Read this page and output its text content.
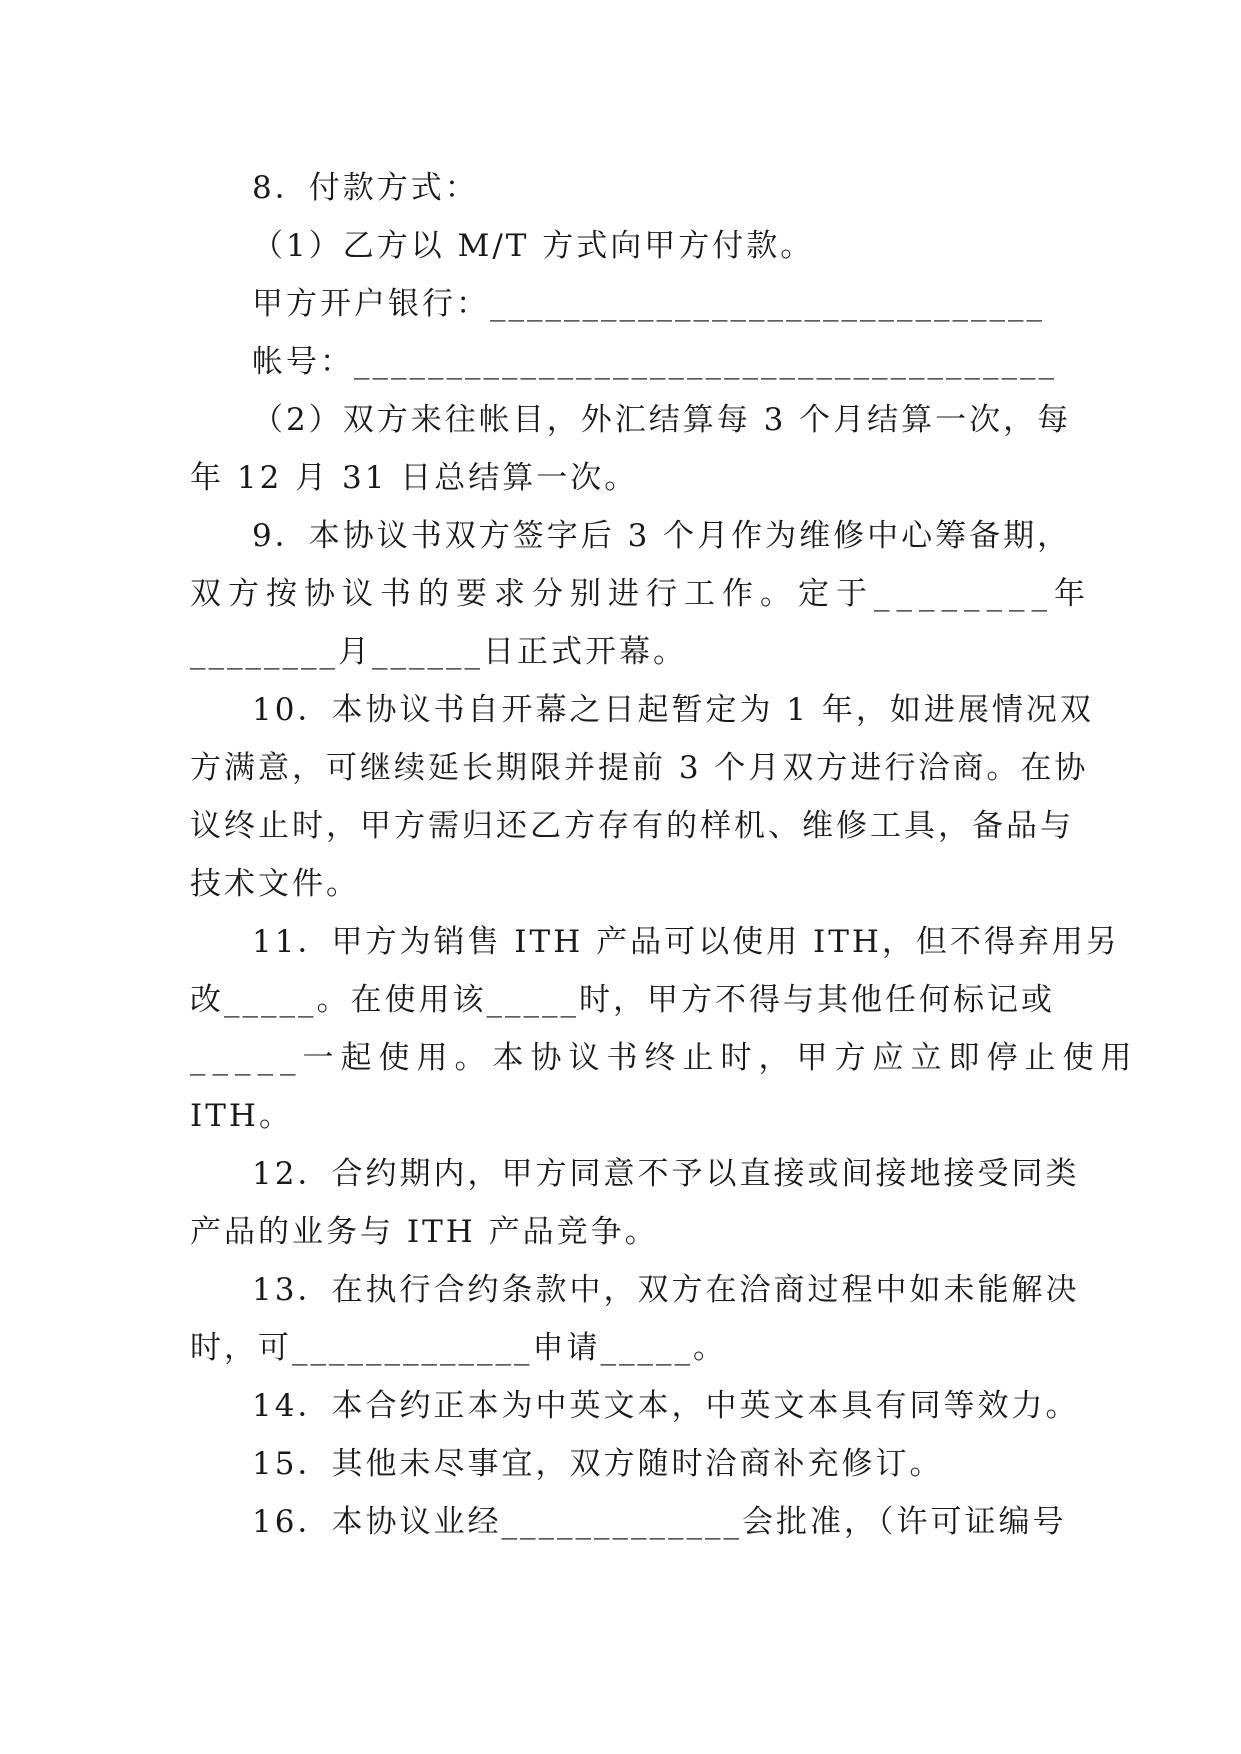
8．付款方式：
（1）乙方以 M/T 方式向甲方付款。
甲方开户银行：______________________________
帐号：______________________________________
（2）双方来往帐目，外汇结算每 3 个月结算一次，每
年 12 月 31 日总结算一次。
9．本协议书双方签字后 3 个月作为维修中心筹备期，
双方按协议书的要求分别进行工作。定于________年
________月______日正式开幕。
10．本协议书自开幕之日起暂定为 1 年，如进展情况双
方满意，可继续延长期限并提前 3 个月双方进行洽商。在协
议终止时，甲方需归还乙方存有的样机、维修工具，备品与
技术文件。
11．甲方为销售 ITH 产品可以使用 ITH，但不得弃用另
改_____。在使用该_____时，甲方不得与其他任何标记或
_____一起使用。本协议书终止时，甲方应立即停止使用
ITH。
12．合约期内，甲方同意不予以直接或间接地接受同类
产品的业务与 ITH 产品竞争。
13．在执行合约条款中，双方在洽商过程中如未能解决
时，可_____________申请_____。
14．本合约正本为中英文本，中英文本具有同等效力。
15．其他未尽事宜，双方随时洽商补充修订。
16．本协议业经_____________会批准，（许可证编号
